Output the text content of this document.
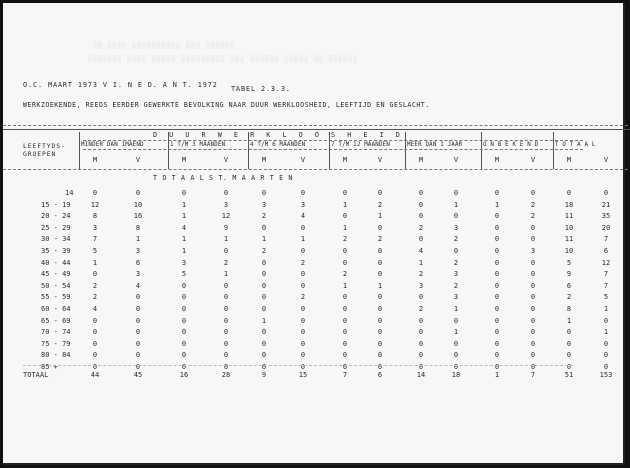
░░ ░░░░ ░░░░░░░░░░ ░░░ ░░░░░░
░░░░░░░ ░░░░ ░░░░░ ░░░░░░░░░ ░░░ ░░░░░░ ░░░░░ ░░ ░░░░░░
O.C. MAART 1973 V I. N E D. A N T. 1972 TABEL 2.3.3.
WERKZOEKENDE, REEDS EERDER GEWERKTE BEVOLKING NAAR DUUR WERKLOOSHEID, LEEFTIJD EN GESLACHT.
D U U R W E R K L O O S H E I D
LEEFTYDS-
GROEPEN
MINDER DAN 1MAEND	1 T/M 3 MAANDEN	4 T/M 6 MAANDEN	7 T/M 12 MAANDEN	MEER DAN 1 JAAR	O N B E K E N D	T O T A A L
M	V	M	V	M	V	M	V	M	V	M	V	M	V
T O T A A L S T. M A A R T E N
14	0	0	0	0	0	0	0	0	0	0	0	0	0	0
15 - 19	12	10	1	3	3	3	1	2	0	1	1	2	18	21
20 - 24	8	16	1	12	2	4	0	1	0	0	0	2	11	35
25 - 29	3	8	4	9	0	0	1	0	2	3	0	0	10	20
30 - 34	7	1	1	1	1	1	2	2	0	2	0	0	11	7
35 - 39	5	3	1	0	2	0	0	0	4	0	0	3	10	6
40 - 44	1	6	3	2	0	2	0	0	1	2	0	0	5	12
45 - 49	0	3	5	1	0	0	2	0	2	3	0	0	9	7
50 - 54	2	4	0	0	0	0	1	1	3	2	0	0	6	7
55 - 59	2	0	0	0	0	2	0	0	0	3	0	0	2	5
60 - 64	4	0	0	0	0	0	0	0	2	1	0	0	8	1
65 - 69	0	0	0	0	1	0	0	0	0	0	0	0	1	0
70 - 74	0	0	0	0	0	0	0	0	0	1	0	0	0	1
75 - 79	0	0	0	0	0	0	0	0	0	0	0	0	0	0
80 - 84	0	0	0	0	0	0	0	0	0	0	0	0	0	0
85 +	0	0	0	0	0	0	0	0	0	0	0	0	0	0
TOTAAL	44	45	16	28	9	15	7	6	14	18	1	7	51	153
